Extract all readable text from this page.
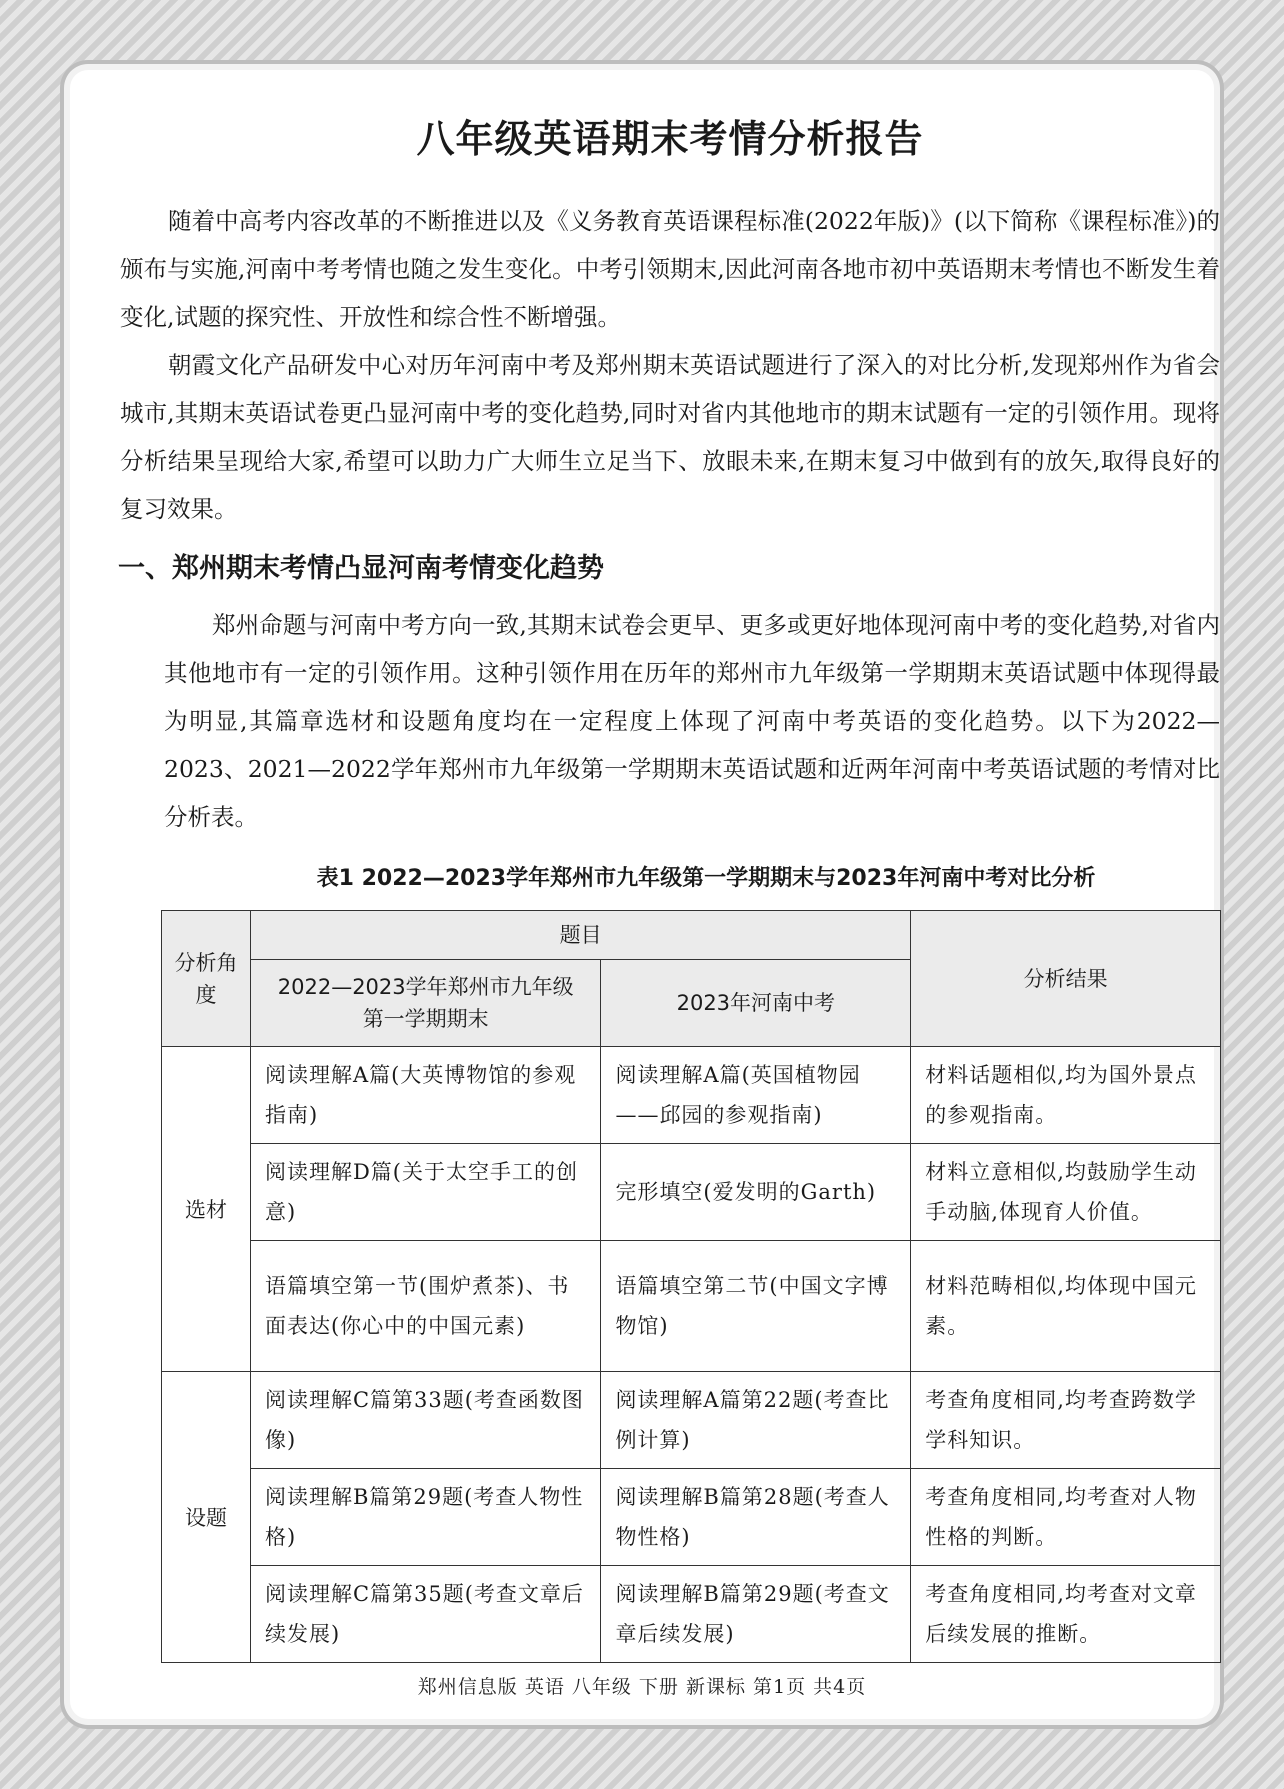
八年级英语期末考情分析报告

随着中高考内容改革的不断推进以及《义务教育英语课程标准(2022年版)》(以下简称《课程标准》)的颁布与实施,河南中考考情也随之发生变化。中考引领期末,因此河南各地市初中英语期末考情也不断发生着变化,试题的探究性、开放性和综合性不断增强。

朝霞文化产品研发中心对历年河南中考及郑州期末英语试题进行了深入的对比分析,发现郑州作为省会城市,其期末英语试卷更凸显河南中考的变化趋势,同时对省内其他地市的期末试题有一定的引领作用。现将分析结果呈现给大家,希望可以助力广大师生立足当下、放眼未来,在期末复习中做到有的放矢,取得良好的复习效果。

一、郑州期末考情凸显河南考情变化趋势

郑州命题与河南中考方向一致,其期末试卷会更早、更多或更好地体现河南中考的变化趋势,对省内其他地市有一定的引领作用。这种引领作用在历年的郑州市九年级第一学期期末英语试题中体现得最为明显,其篇章选材和设题角度均在一定程度上体现了河南中考英语的变化趋势。以下为2022—2023、2021—2022学年郑州市九年级第一学期期末英语试题和近两年河南中考英语试题的考情对比分析表。

表1 2022—2023学年郑州市九年级第一学期期末与2023年河南中考对比分析
分析角度	题目		分析结果
	2022—2023学年郑州市九年级第一学期期末	2023年河南中考	
选材	阅读理解A篇(大英博物馆的参观指南)	阅读理解A篇(英国植物园——邱园的参观指南)	材料话题相似,均为国外景点的参观指南。
	阅读理解D篇(关于太空手工的创意)	完形填空(爱发明的Garth)	材料立意相似,均鼓励学生动手动脑,体现育人价值。
	语篇填空第一节(围炉煮茶)、书面表达(你心中的中国元素)	语篇填空第二节(中国文字博物馆)	材料范畴相似,均体现中国元素。
设题	阅读理解C篇第33题(考查函数图像)	阅读理解A篇第22题(考查比例计算)	考查角度相同,均考查跨数学学科知识。
	阅读理解B篇第29题(考查人物性格)	阅读理解B篇第28题(考查人物性格)	考查角度相同,均考查对人物性格的判断。
	阅读理解C篇第35题(考查文章后续发展)	阅读理解B篇第29题(考查文章后续发展)	考查角度相同,均考查对文章后续发展的推断。
郑州信息版 英语 八年级 下册 新课标 第1页 共4页
